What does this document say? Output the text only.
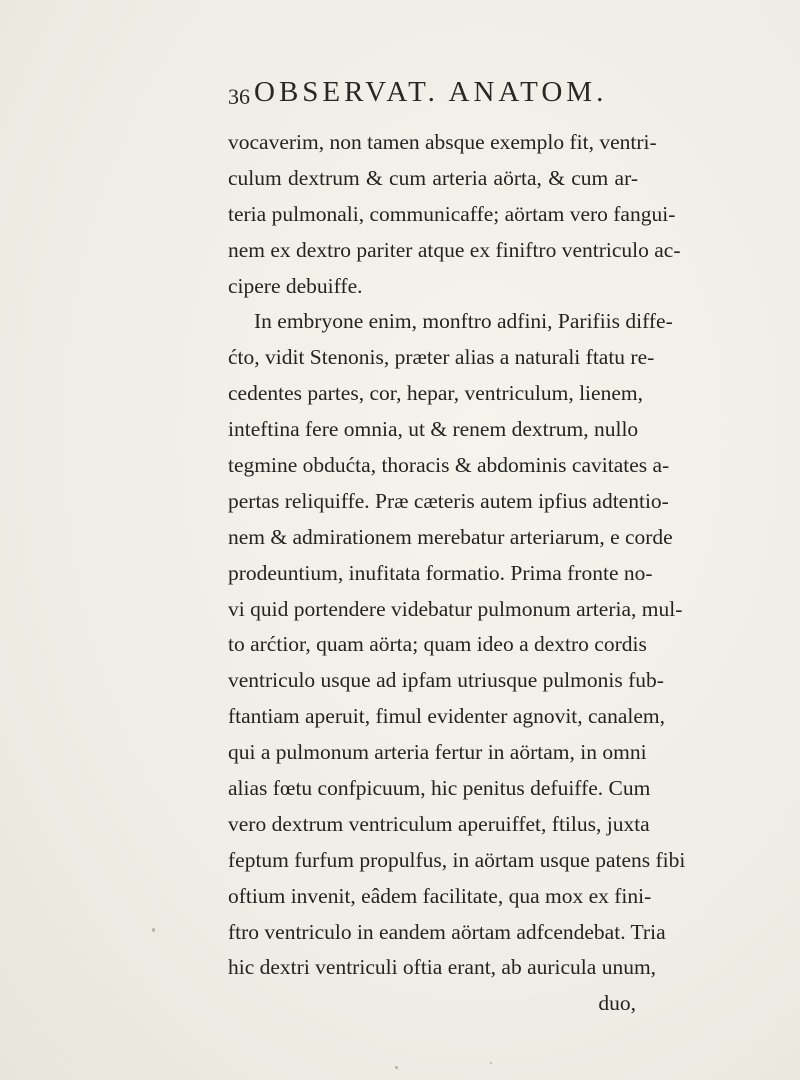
36 OBSERVAT. ANATOM.
vocaverim, non tamen absque exemplo fit, ventri-
culum dextrum & cum arteria aörta, & cum ar-
teria pulmonali, communicaffe; aörtam vero fangui-
nem ex dextro pariter atque ex finiftro ventriculo ac-
cipere debuiffe.
In embryone enim, monftro adfini, Parifiis diffe-
ćto, vidit Stenonis, præter alias a naturali ftatu re-
cedentes partes, cor, hepar, ventriculum, lienem,
inteftina fere omnia, ut & renem dextrum, nullo
tegmine obdućta, thoracis & abdominis cavitates a-
pertas reliquiffe. Præ cæteris autem ipfius adtentio-
nem & admirationem merebatur arteriarum, e corde
prodeuntium, inufitata formatio. Prima fronte no-
vi quid portendere videbatur pulmonum arteria, mul-
to arćtior, quam aörta; quam ideo a dextro cordis
ventriculo usque ad ipfam utriusque pulmonis fub-
ftantiam aperuit, fimul evidenter agnovit, canalem,
qui a pulmonum arteria fertur in aörtam, in omni
alias fœtu confpicuum, hic penitus defuiffe. Cum
vero dextrum ventriculum aperuiffet, ftilus, juxta
feptum furfum propulfus, in aörtam usque patens fibi
oftium invenit, eâdem facilitate, qua mox ex fini-
ftro ventriculo in eandem aörtam adfcendebat. Tria
hic dextri ventriculi oftia erant, ab auricula unum,
duo,
